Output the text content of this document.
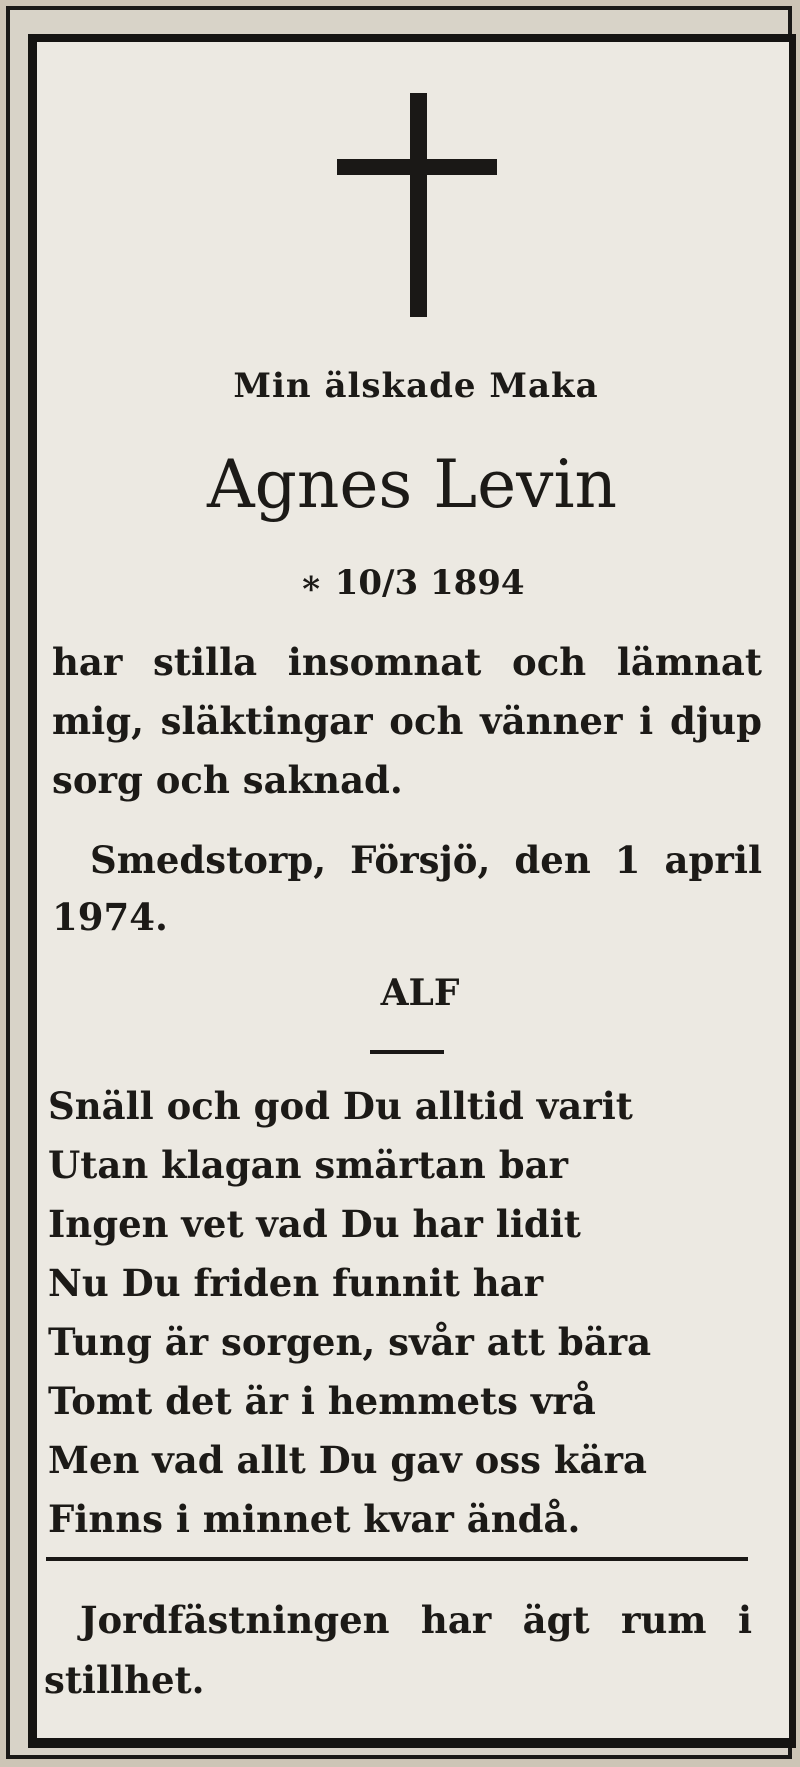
Min älskade Maka
Agnes Levin
∗ 10/3 1894
har stilla insomnat och lämnat
mig, släktingar och vänner i djup
sorg och saknad.
Smedstorp, Försjö, den 1 april
1974.
ALF
Snäll och god Du alltid varit
Utan klagan smärtan bar
Ingen vet vad Du har lidit
Nu Du friden funnit har
Tung är sorgen, svår att bära
Tomt det är i hemmets vrå
Men vad allt Du gav oss kära
Finns i minnet kvar ändå.
Jordfästningen har ägt rum i
stillhet.
